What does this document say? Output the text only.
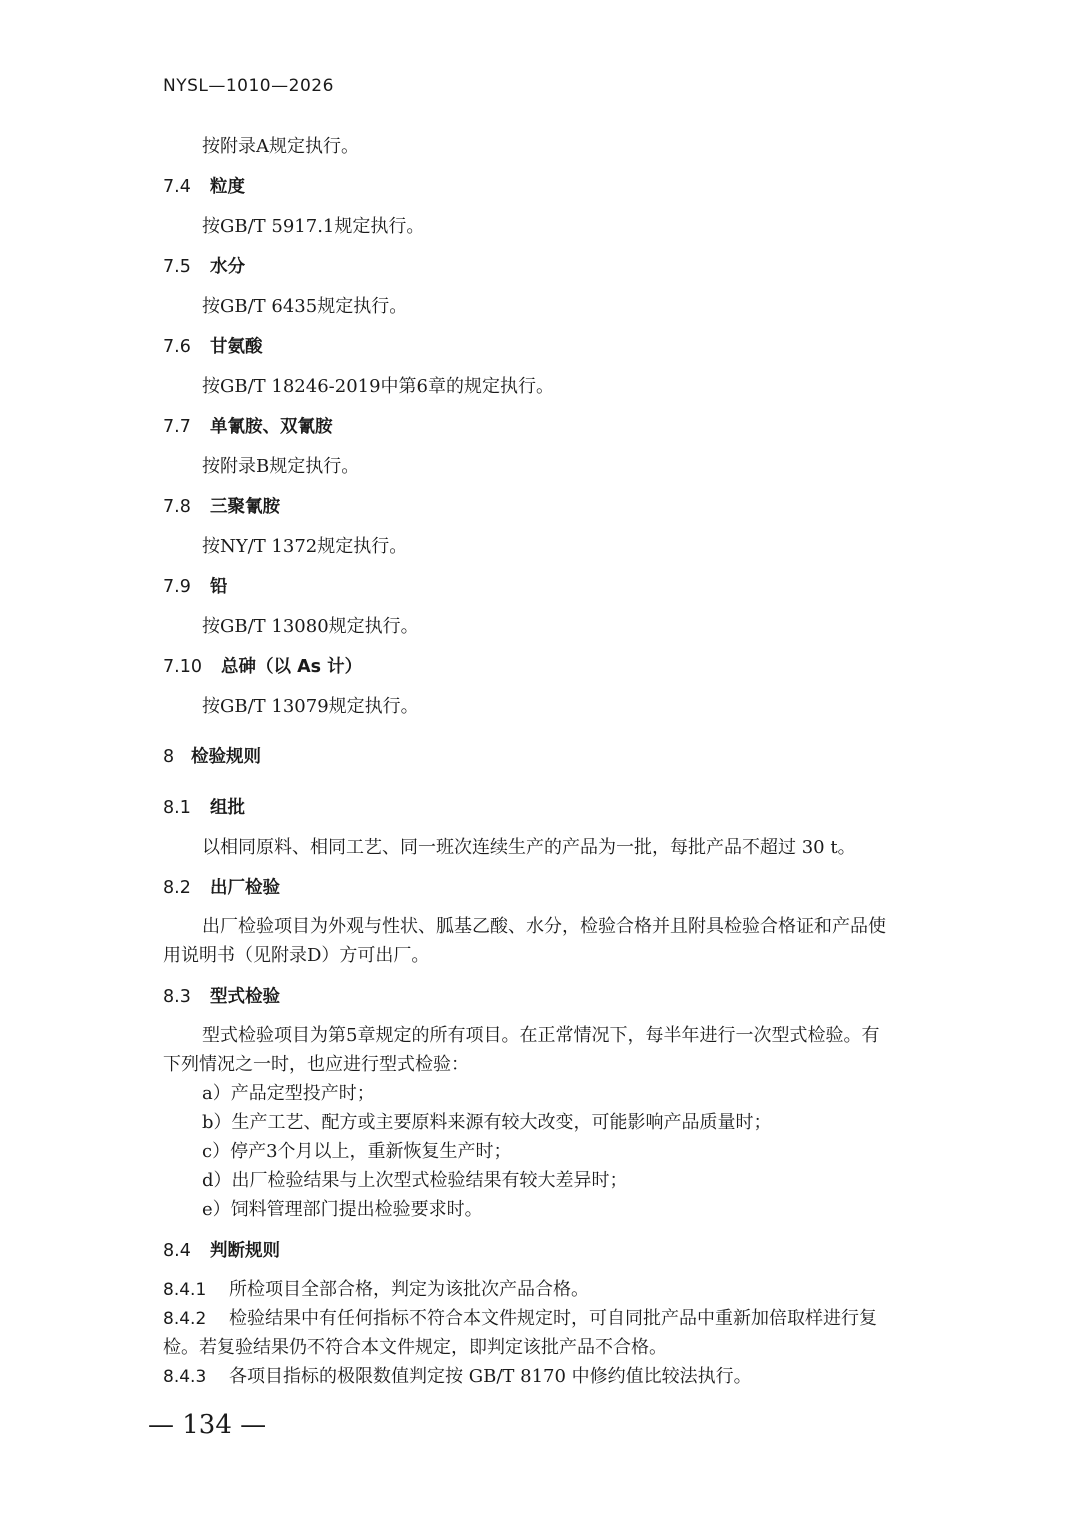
NYSL—1010—2026
按附录A规定执行。
7.4 粒度
按GB/T 5917.1规定执行。
7.5 水分
按GB/T 6435规定执行。
7.6 甘氨酸
按GB/T 18246-2019中第6章的规定执行。
7.7 单氰胺、双氰胺
按附录B规定执行。
7.8 三聚氰胺
按NY/T 1372规定执行。
7.9 铅
按GB/T 13080规定执行。
7.10 总砷（以 As 计）
按GB/T 13079规定执行。
8 检验规则
8.1 组批
以相同原料、相同工艺、同一班次连续生产的产品为一批，每批产品不超过 30 t。
8.2 出厂检验
出厂检验项目为外观与性状、胍基乙酸、水分，检验合格并且附具检验合格证和产品使
用说明书（见附录D）方可出厂。
8.3 型式检验
型式检验项目为第5章规定的所有项目。在正常情况下，每半年进行一次型式检验。有
下列情况之一时，也应进行型式检验：
a）产品定型投产时；
b）生产工艺、配方或主要原料来源有较大改变，可能影响产品质量时；
c）停产3个月以上，重新恢复生产时；
d）出厂检验结果与上次型式检验结果有较大差异时；
e）饲料管理部门提出检验要求时。
8.4 判断规则
8.4.1 所检项目全部合格，判定为该批次产品合格。
8.4.2 检验结果中有任何指标不符合本文件规定时，可自同批产品中重新加倍取样进行复
检。若复验结果仍不符合本文件规定，即判定该批产品不合格。
8.4.3 各项目指标的极限数值判定按 GB/T 8170 中修约值比较法执行。
— 134 —
